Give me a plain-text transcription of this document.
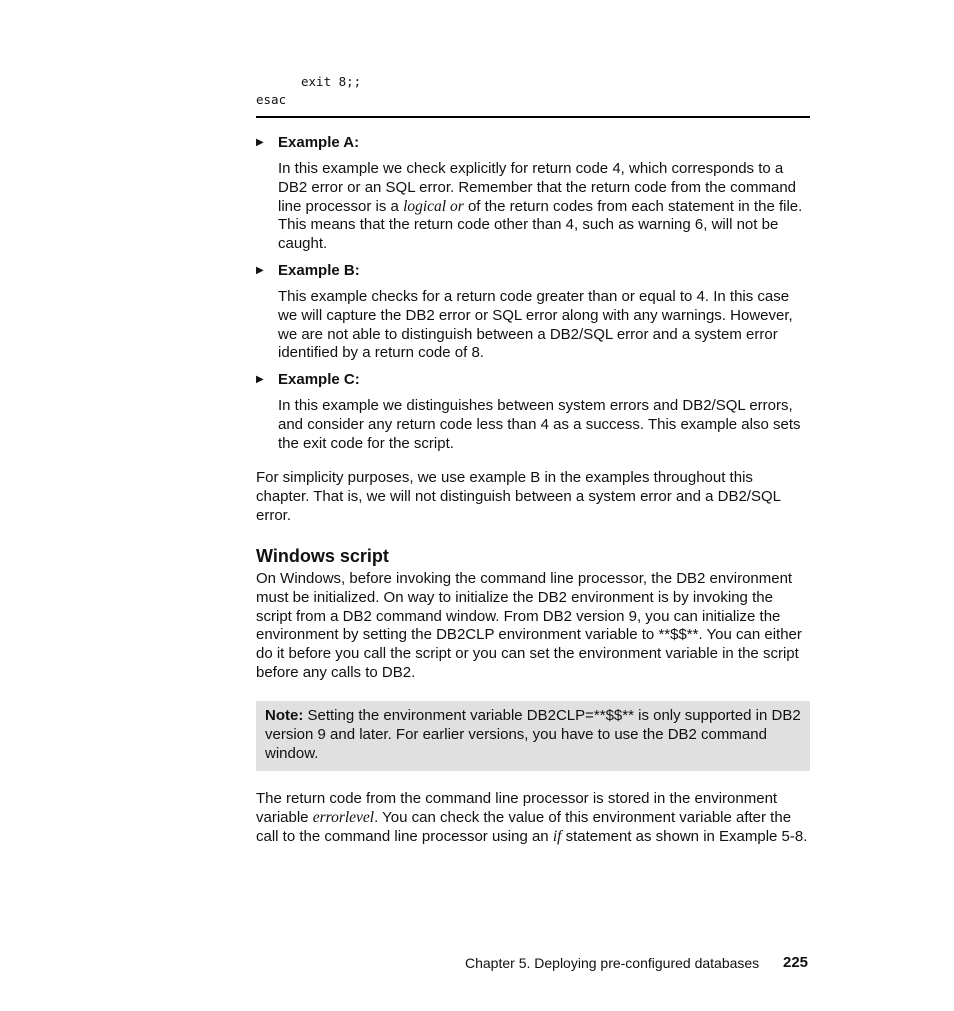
exit 8;;
esac
▶ Example A:
In this example we check explicitly for return code 4, which corresponds to a DB2 error or an SQL error. Remember that the return code from the command line processor is a logical or of the return codes from each statement in the file. This means that the return code other than 4, such as warning 6, will not be caught.
▶ Example B:
This example checks for a return code greater than or equal to 4. In this case we will capture the DB2 error or SQL error along with any warnings. However, we are not able to distinguish between a DB2/SQL error and a system error identified by a return code of 8.
▶ Example C:
In this example we distinguishes between system errors and DB2/SQL errors, and consider any return code less than 4 as a success. This example also sets the exit code for the script.
For simplicity purposes, we use example B in the examples throughout this chapter. That is, we will not distinguish between a system error and a DB2/SQL error.
Windows script
On Windows, before invoking the command line processor, the DB2 environment must be initialized. On way to initialize the DB2 environment is by invoking the script from a DB2 command window. From DB2 version 9, you can initialize the environment by setting the DB2CLP environment variable to **$$**. You can either do it before you call the script or you can set the environment variable in the script before any calls to DB2.
Note: Setting the environment variable DB2CLP=**$$** is only supported in DB2 version 9 and later. For earlier versions, you have to use the DB2 command window.
The return code from the command line processor is stored in the environment variable errorlevel. You can check the value of this environment variable after the call to the command line processor using an if statement as shown in Example 5-8.
Chapter 5. Deploying pre-configured databases 225
